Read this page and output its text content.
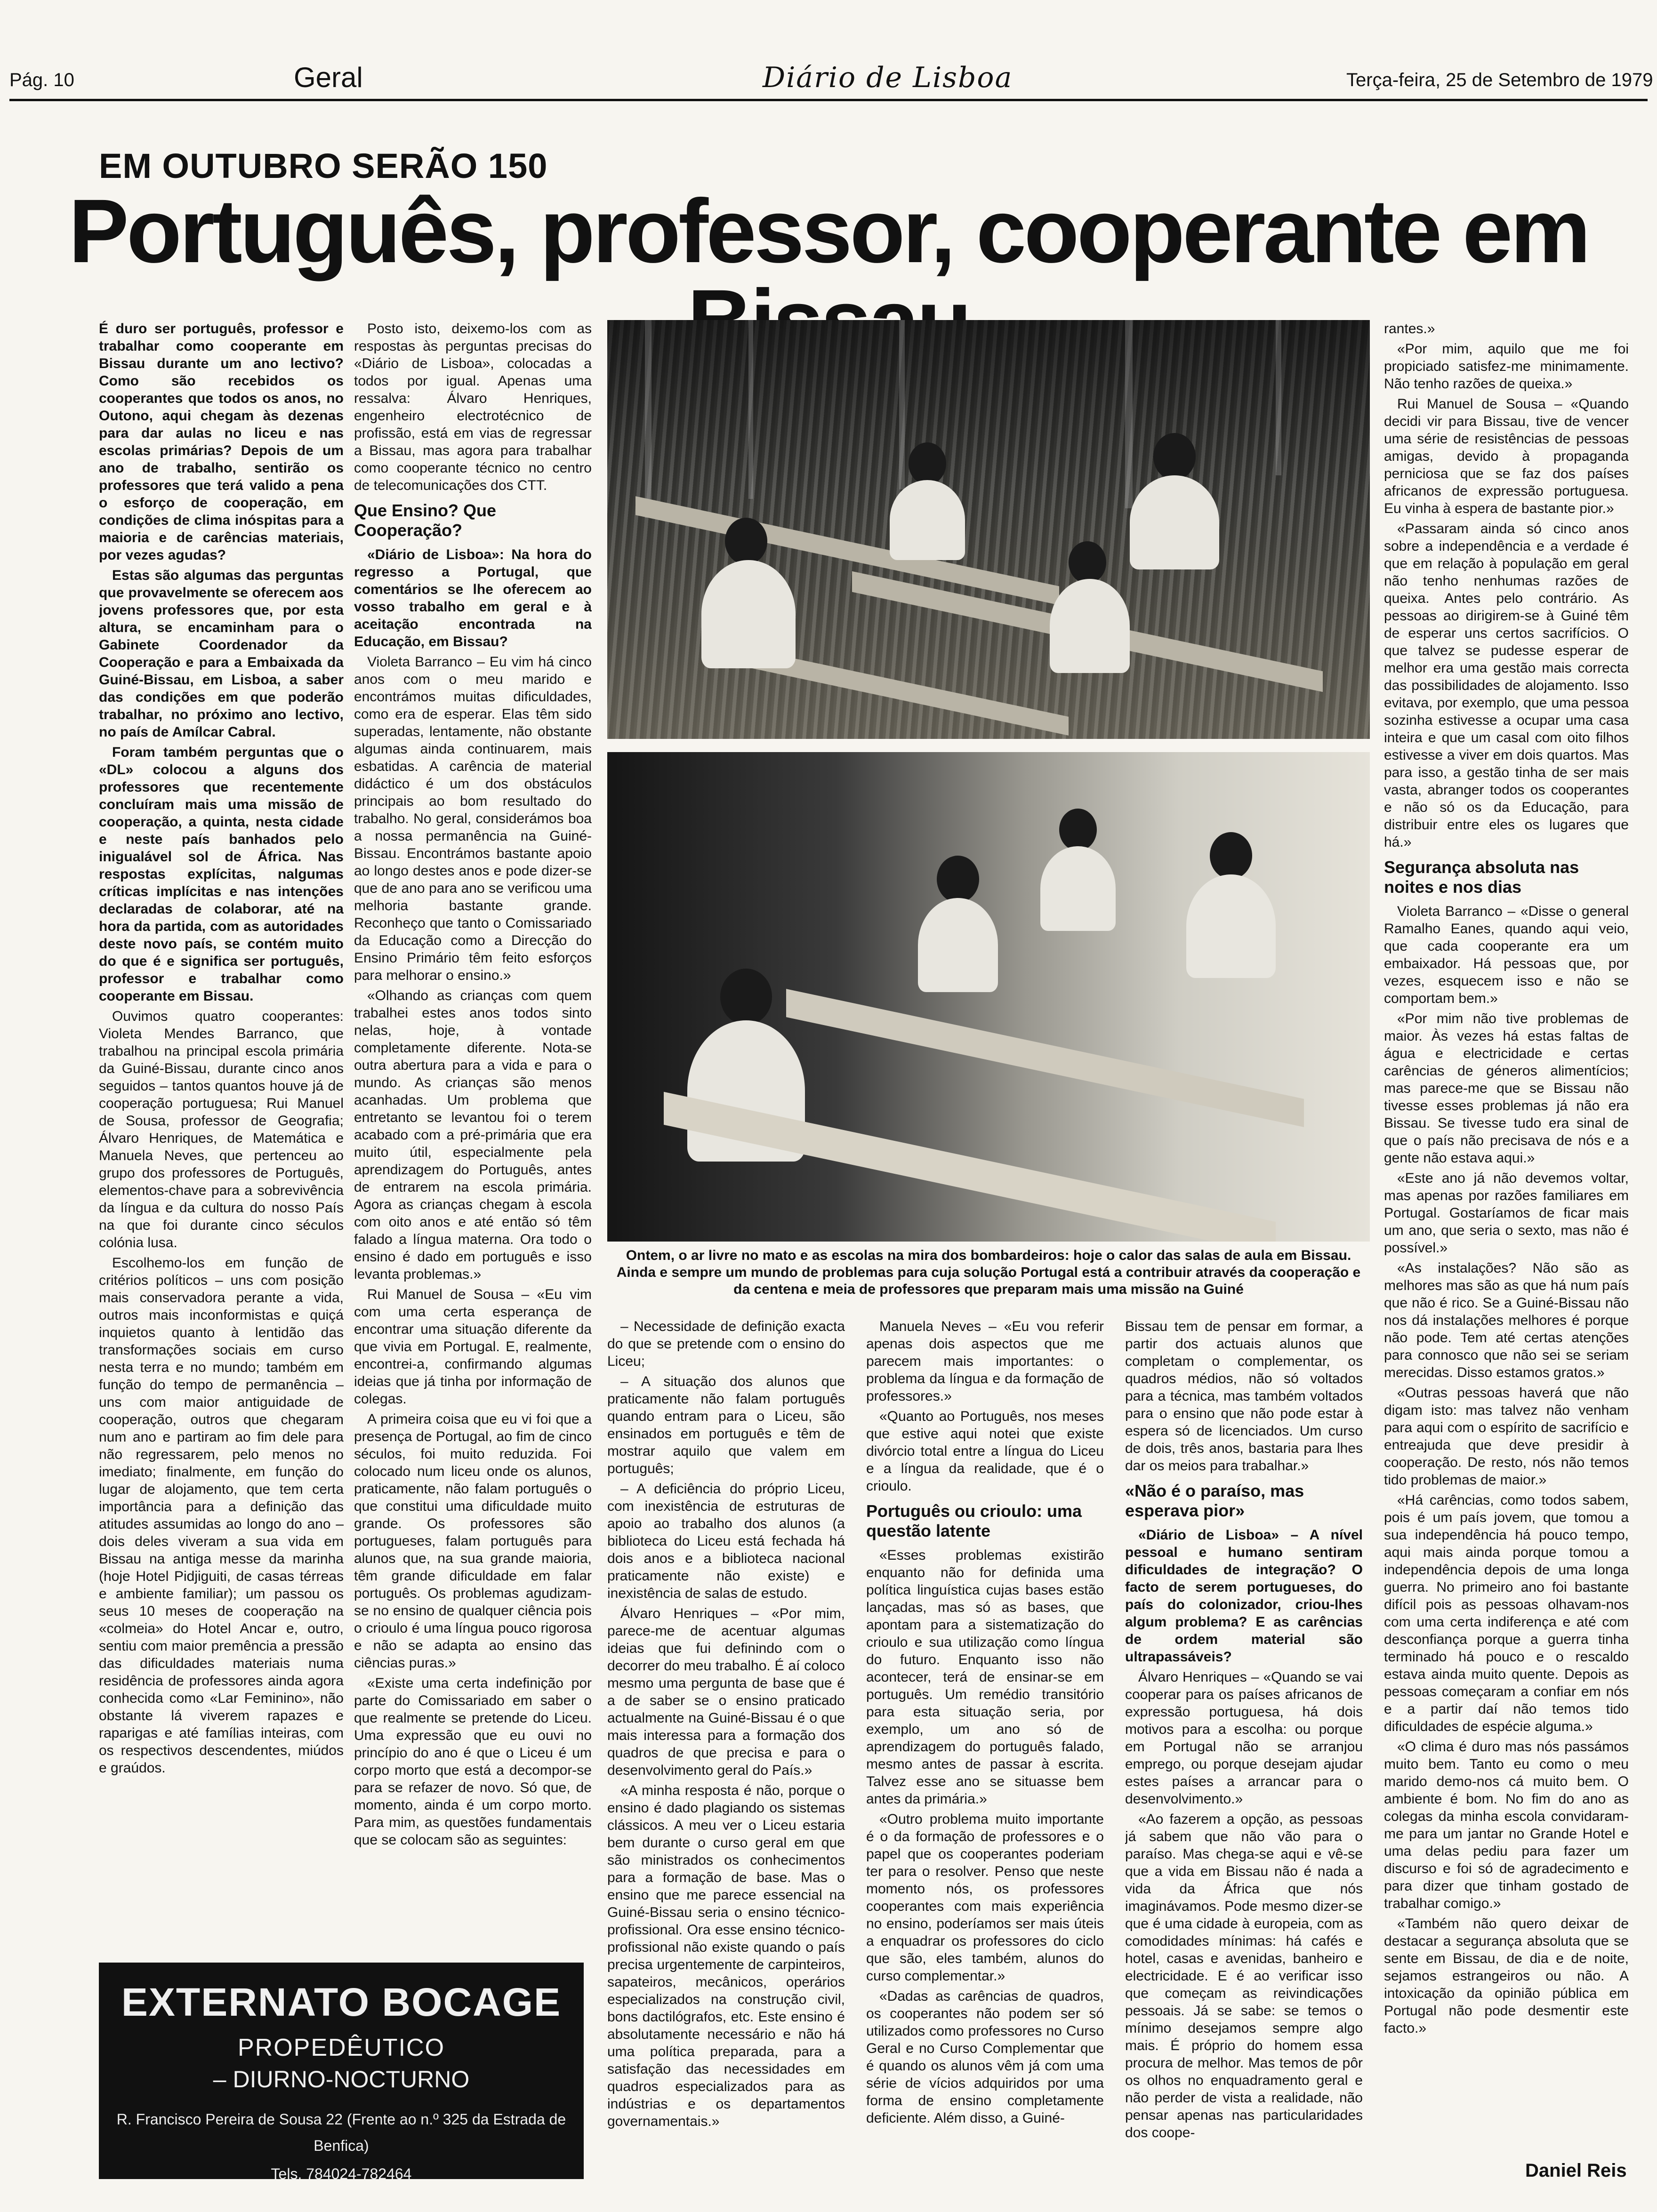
Pág. 10	Geral	Diário de Lisboa	Terça-feira, 25 de Setembro de 1979
EM OUTUBRO SERÃO 150
Português, professor, cooperante em

É duro ser português, professor e trabalhar como cooperante em Bissau durante um ano lectivo? Como são recebidos os cooperantes que todos os anos, no Outono, aqui chegam às dezenas para dar aulas no liceu e nas escolas primárias? Depois de um ano de trabalho, sentirão os professores que terá valido a pena o esforço de cooperação, em condições de clima inóspitas para a maioria e de carências materiais, por vezes agudas?

Estas são algumas das perguntas que provavelmente se oferecem aos jovens professores que, por esta altura, se encaminham para o Gabinete Coordenador da Cooperação e para a Embaixada da Guiné-Bissau, em Lisboa, a saber das condições em que poderão trabalhar, no próximo ano lectivo, no país de Amílcar Cabral.

Foram também perguntas que o «DL» colocou a alguns dos professores que recentemente concluíram mais uma missão de cooperação, a quinta, nesta cidade e neste país banhados pelo inigualável sol de África. Nas respostas explícitas, nalgumas críticas implícitas e nas intenções declaradas de colaborar, até na hora da partida, com as autoridades deste novo país, se contém muito do que é e significa ser português, professor e trabalhar como cooperante em Bissau.

Ouvimos quatro cooperantes: Violeta Mendes Barranco, que trabalhou na principal escola primária da Guiné-Bissau, durante cinco anos seguidos – tantos quantos houve já de cooperação portuguesa; Rui Manuel de Sousa, professor de Geografia; Álvaro Henriques, de Matemática e Manuela Neves, que pertenceu ao grupo dos professores de Português, elementos-chave para a sobrevivência da língua e da cultura do nosso País na que foi durante cinco séculos colónia lusa.

Escolhemo-los em função de critérios políticos – uns com posição mais conservadora perante a vida, outros mais inconformistas e quiçá inquietos quanto à lentidão das transformações sociais em curso nesta terra e no mundo; também em função do tempo de permanência – uns com maior antiguidade de cooperação, outros que chegaram num ano e partiram ao fim dele para não regressarem, pelo menos no imediato; finalmente, em função do lugar de alojamento, que tem certa importância para a definição das atitudes assumidas ao longo do ano – dois deles viveram a sua vida em Bissau na antiga messe da marinha (hoje Hotel Pidjiguiti, de casas térreas e ambiente familiar); um passou os seus 10 meses de cooperação na «colmeia» do Hotel Ancar e, outro, sentiu com maior premência a pressão das dificuldades materiais numa residência de professores ainda agora conhecida como «Lar Feminino», não obstante lá viverem rapazes e raparigas e até famílias inteiras, com os respectivos descendentes, miúdos e graúdos.

Posto isto, deixemo-los com as respostas às perguntas precisas do «Diário de Lisboa», colocadas a todos por igual. Apenas uma ressalva: Álvaro Henriques, engenheiro electrotécnico de profissão, está em vias de regressar a Bissau, mas agora para trabalhar como cooperante técnico no centro de telecomunicações dos CTT.

Que Ensino? Que Cooperação?

«Diário de Lisboa»: Na hora do regresso a Portugal, que comentários se lhe oferecem ao vosso trabalho em geral e à aceitação encontrada na Educação, em Bissau?

Violeta Barranco – Eu vim há cinco anos com o meu marido e encontrámos muitas dificuldades, como era de esperar. Elas têm sido superadas, lentamente, não obstante algumas ainda continuarem, mais esbatidas. A carência de material didáctico é um dos obstáculos principais ao bom resultado do trabalho. No geral, considerámos boa a nossa permanência na Guiné-Bissau. Encontrámos bastante apoio ao longo destes anos e pode dizer-se que de ano para ano se verificou uma melhoria bastante grande. Reconheço que tanto o Comissariado da Educação como a Direcção do Ensino Primário têm feito esforços para melhorar o ensino.»

«Olhando as crianças com quem trabalhei estes anos todos sinto nelas, hoje, à vontade completamente diferente. Nota-se outra abertura para a vida e para o mundo. As crianças são menos acanhadas. Um problema que entretanto se levantou foi o terem acabado com a pré-primária que era muito útil, especialmente pela aprendizagem do Português, antes de entrarem na escola primária. Agora as crianças chegam à escola com oito anos e até então só têm falado a língua materna. Ora todo o ensino é dado em português e isso levanta problemas.»

Rui Manuel de Sousa – «Eu vim com uma certa esperança de encontrar uma situação diferente da que vivia em Portugal. E, realmente, encontrei-a, confirmando algumas ideias que já tinha por informação de colegas.

A primeira coisa que eu vi foi que a presença de Portugal, ao fim de cinco séculos, foi muito reduzida. Foi colocado num liceu onde os alunos, praticamente, não falam português o que constitui uma dificuldade muito grande. Os professores são portugueses, falam português para alunos que, na sua grande maioria, têm grande dificuldade em falar português. Os problemas agudizam-se no ensino de qualquer ciência pois o crioulo é uma língua pouco rigorosa e não se adapta ao ensino das ciências puras.»

«Existe uma certa indefinição por parte do Comissariado em saber o que realmente se pretende do Liceu. Uma expressão que eu ouvi no princípio do ano é que o Liceu é um corpo morto que está a decompor-se para se refazer de novo. Só que, de momento, ainda é um corpo morto. Para mim, as questões fundamentais que se colocam são as seguintes:

Ontem, o ar livre no mato e as escolas na mira dos bombardeiros: hoje o calor das salas de aula em Bissau. Ainda e sempre um mundo de problemas para cuja solução Portugal está a contribuir através da cooperação e da centena e meia de professores que preparam mais uma missão na Guiné

– Necessidade de definição exacta do que se pretende com o ensino do Liceu;

– A situação dos alunos que praticamente não falam português quando entram para o Liceu, são ensinados em português e têm de mostrar aquilo que valem em português;

– A deficiência do próprio Liceu, com inexistência de estruturas de apoio ao trabalho dos alunos (a biblioteca do Liceu está fechada há dois anos e a biblioteca nacional praticamente não existe) e inexistência de salas de estudo.

Álvaro Henriques – «Por mim, parece-me de acentuar algumas ideias que fui definindo com o decorrer do meu trabalho. É aí coloco mesmo uma pergunta de base que é a de saber se o ensino praticado actualmente na Guiné-Bissau é o que mais interessa para a formação dos quadros de que precisa e para o desenvolvimento geral do País.»

«A minha resposta é não, porque o ensino é dado plagiando os sistemas clássicos. A meu ver o Liceu estaria bem durante o curso geral em que são ministrados os conhecimentos para a formação de base. Mas o ensino que me parece essencial na Guiné-Bissau seria o ensino técnico-profissional. Ora esse ensino técnico-profissional não existe quando o país precisa urgentemente de carpinteiros, sapateiros, mecânicos, operários especializados na construção civil, bons dactilógrafos, etc. Este ensino é absolutamente necessário e não há uma política preparada, para a satisfação das necessidades em quadros especializados para as indústrias e os departamentos governamentais.»

Manuela Neves – «Eu vou referir apenas dois aspectos que me parecem mais importantes: o problema da língua e da formação de professores.»

«Quanto ao Português, nos meses que estive aqui notei que existe divórcio total entre a língua do Liceu e a língua da realidade, que é o crioulo.

Português ou crioulo: uma questão latente

«Esses problemas existirão enquanto não for definida uma política linguística cujas bases estão lançadas, mas só as bases, que apontam para a sistematização do crioulo e sua utilização como língua do futuro. Enquanto isso não acontecer, terá de ensinar-se em português. Um remédio transitório para esta situação seria, por exemplo, um ano só de aprendizagem do português falado, mesmo antes de passar à escrita. Talvez esse ano se situasse bem antes da primária.»

«Outro problema muito importante é o da formação de professores e o papel que os cooperantes poderiam ter para o resolver. Penso que neste momento nós, os professores cooperantes com mais experiência no ensino, poderíamos ser mais úteis a enquadrar os professores do ciclo que são, eles também, alunos do curso complementar.»

«Dadas as carências de quadros, os cooperantes não podem ser só utilizados como professores no Curso Geral e no Curso Complementar que é quando os alunos vêm já com uma série de vícios adquiridos por uma forma de ensino completamente deficiente. Além disso, a Guiné-

Bissau tem de pensar em formar, a partir dos actuais alunos que completam o complementar, os quadros médios, não só voltados para a técnica, mas também voltados para o ensino que não pode estar à espera só de licenciados. Um curso de dois, três anos, bastaria para lhes dar os meios para trabalhar.»

«Não é o paraíso, mas esperava pior»

«Diário de Lisboa» – A nível pessoal e humano sentiram dificuldades de integração? O facto de serem portugueses, do país do colonizador, criou-lhes algum problema? E as carências de ordem material são ultrapassáveis?

Álvaro Henriques – «Quando se vai cooperar para os países africanos de expressão portuguesa, há dois motivos para a escolha: ou porque em Portugal não se arranjou emprego, ou porque desejam ajudar estes países a arrancar para o desenvolvimento.»

«Ao fazerem a opção, as pessoas já sabem que não vão para o paraíso. Mas chega-se aqui e vê-se que a vida em Bissau não é nada a vida da África que nós imaginávamos. Pode mesmo dizer-se que é uma cidade à europeia, com as comodidades mínimas: há cafés e hotel, casas e avenidas, banheiro e electricidade. E é ao verificar isso que começam as reivindicações pessoais. Já se sabe: se temos o mínimo desejamos sempre algo mais. É próprio do homem essa procura de melhor. Mas temos de pôr os olhos no enquadramento geral e não perder de vista a realidade, não pensar apenas nas particularidades dos coope-

rantes.»

«Por mim, aquilo que me foi propiciado satisfez-me minimamente. Não tenho razões de queixa.»

Rui Manuel de Sousa – «Quando decidi vir para Bissau, tive de vencer uma série de resistências de pessoas amigas, devido à propaganda perniciosa que se faz dos países africanos de expressão portuguesa. Eu vinha à espera de bastante pior.»

«Passaram ainda só cinco anos sobre a independência e a verdade é que em relação à população em geral não tenho nenhumas razões de queixa. Antes pelo contrário. As pessoas ao dirigirem-se à Guiné têm de esperar uns certos sacrifícios. O que talvez se pudesse esperar de melhor era uma gestão mais correcta das possibilidades de alojamento. Isso evitava, por exemplo, que uma pessoa sozinha estivesse a ocupar uma casa inteira e que um casal com oito filhos estivesse a viver em dois quartos. Mas para isso, a gestão tinha de ser mais vasta, abranger todos os cooperantes e não só os da Educação, para distribuir entre eles os lugares que há.»

Segurança absoluta nas noites e nos dias

Violeta Barranco – «Disse o general Ramalho Eanes, quando aqui veio, que cada cooperante era um embaixador. Há pessoas que, por vezes, esquecem isso e não se comportam bem.»

«Por mim não tive problemas de maior. Às vezes há estas faltas de água e electricidade e certas carências de géneros alimentícios; mas parece-me que se Bissau não tivesse esses problemas já não era Bissau. Se tivesse tudo era sinal de que o país não precisava de nós e a gente não estava aqui.»

«Este ano já não devemos voltar, mas apenas por razões familiares em Portugal. Gostaríamos de ficar mais um ano, que seria o sexto, mas não é possível.»

«As instalações? Não são as melhores mas são as que há num país que não é rico. Se a Guiné-Bissau não nos dá instalações melhores é porque não pode. Tem até certas atenções para connosco que não sei se seriam merecidas. Disso estamos gratos.»

«Outras pessoas haverá que não digam isto: mas talvez não venham para aqui com o espírito de sacrifício e entreajuda que deve presidir à cooperação. De resto, nós não temos tido problemas de maior.»

«Há carências, como todos sabem, pois é um país jovem, que tomou a sua independência há pouco tempo, aqui mais ainda porque tomou a independência depois de uma longa guerra. No primeiro ano foi bastante difícil pois as pessoas olhavam-nos com uma certa indiferença e até com desconfiança porque a guerra tinha terminado há pouco e o rescaldo estava ainda muito quente. Depois as pessoas começaram a confiar em nós e a partir daí não temos tido dificuldades de espécie alguma.»

«O clima é duro mas nós passámos muito bem. Tanto eu como o meu marido demo-nos cá muito bem. O ambiente é bom. No fim do ano as colegas da minha escola convidaram-me para um jantar no Grande Hotel e uma delas pediu para fazer um discurso e foi só de agradecimento e para dizer que tinham gostado de trabalhar comigo.»

«Também não quero deixar de destacar a segurança absoluta que se sente em Bissau, de dia e de noite, sejamos estrangeiros ou não. A intoxicação da opinião pública em Portugal não pode desmentir este facto.»

Daniel Reis
EXTERNATO BOCAGE
PROPEDÊUTICO
– DIURNO-NOCTURNO
R. Francisco Pereira de Sousa 22 (Frente ao n.º 325 da Estrada de Benfica)
Tels. 784024-782464
